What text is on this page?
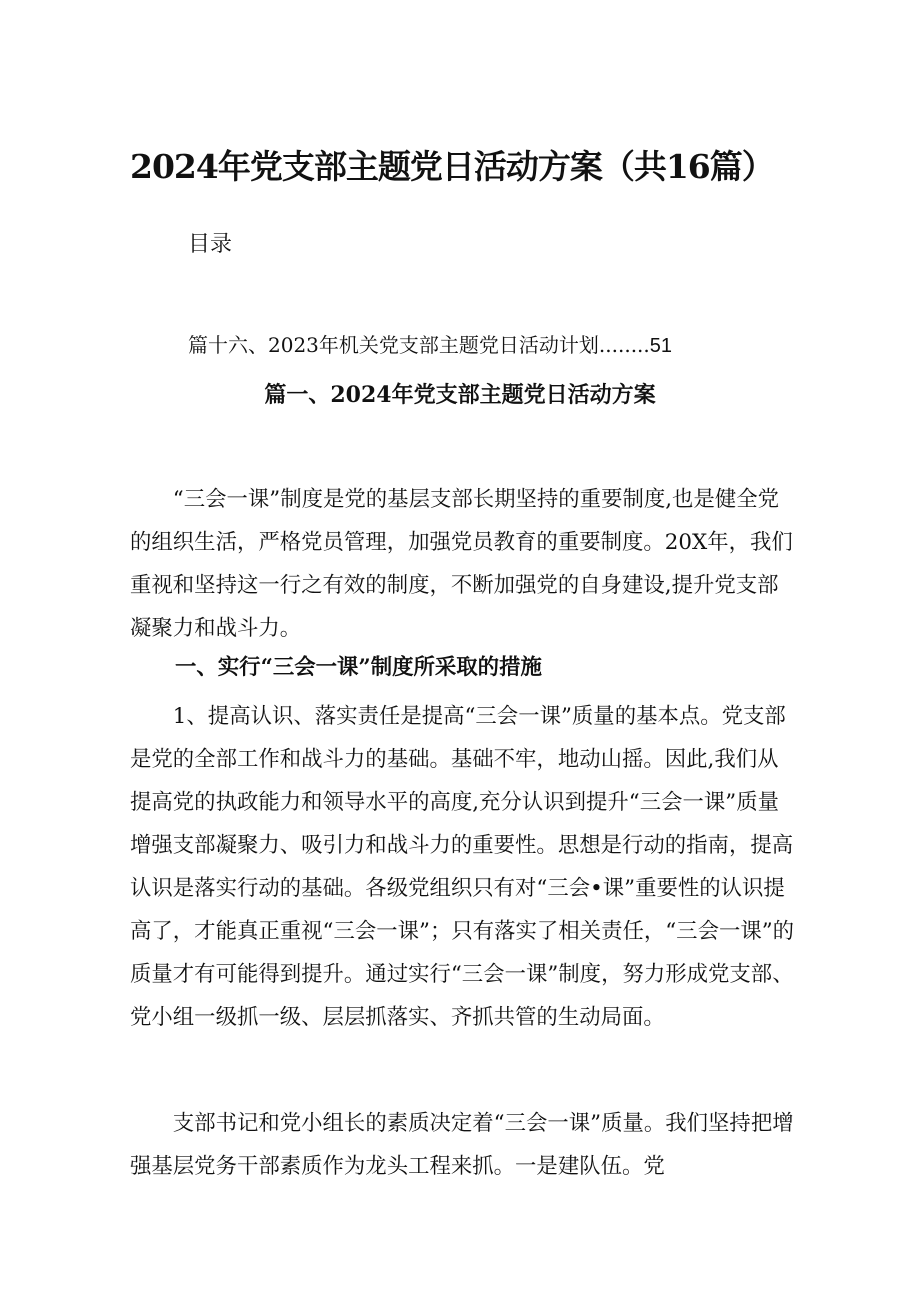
2024年党支部主题党日活动方案（共16篇）
目录
篇十六、2023年机关党支部主题党日活动计划........51
篇一、2024年党支部主题党日活动方案

“三会一课”制度是党的基层支部长期坚持的重要制度,也是健全党的组织生活，严格党员管理，加强党员教育的重要制度。20X年，我们重视和坚持这一行之有效的制度，不断加强党的自身建设,提升党支部凝聚力和战斗力。

一、实行“三会一课”制度所采取的措施

1、提高认识、落实责任是提高“三会一课”质量的基本点。党支部是党的全部工作和战斗力的基础。基础不牢，地动山摇。因此,我们从提高党的执政能力和领导水平的高度,充分认识到提升“三会一课”质量增强支部凝聚力、吸引力和战斗力的重要性。思想是行动的指南，提高认识是落实行动的基础。各级党组织只有对“三会•课”重要性的认识提高了，才能真正重视“三会一课”；只有落实了相关责任，“三会一课”的质量才有可能得到提升。通过实行“三会一课”制度，努力形成党支部、党小组一级抓一级、层层抓落实、齐抓共管的生动局面。

支部书记和党小组长的素质决定着“三会一课”质量。我们坚持把增强基层党务干部素质作为龙头工程来抓。一是建队伍。党
